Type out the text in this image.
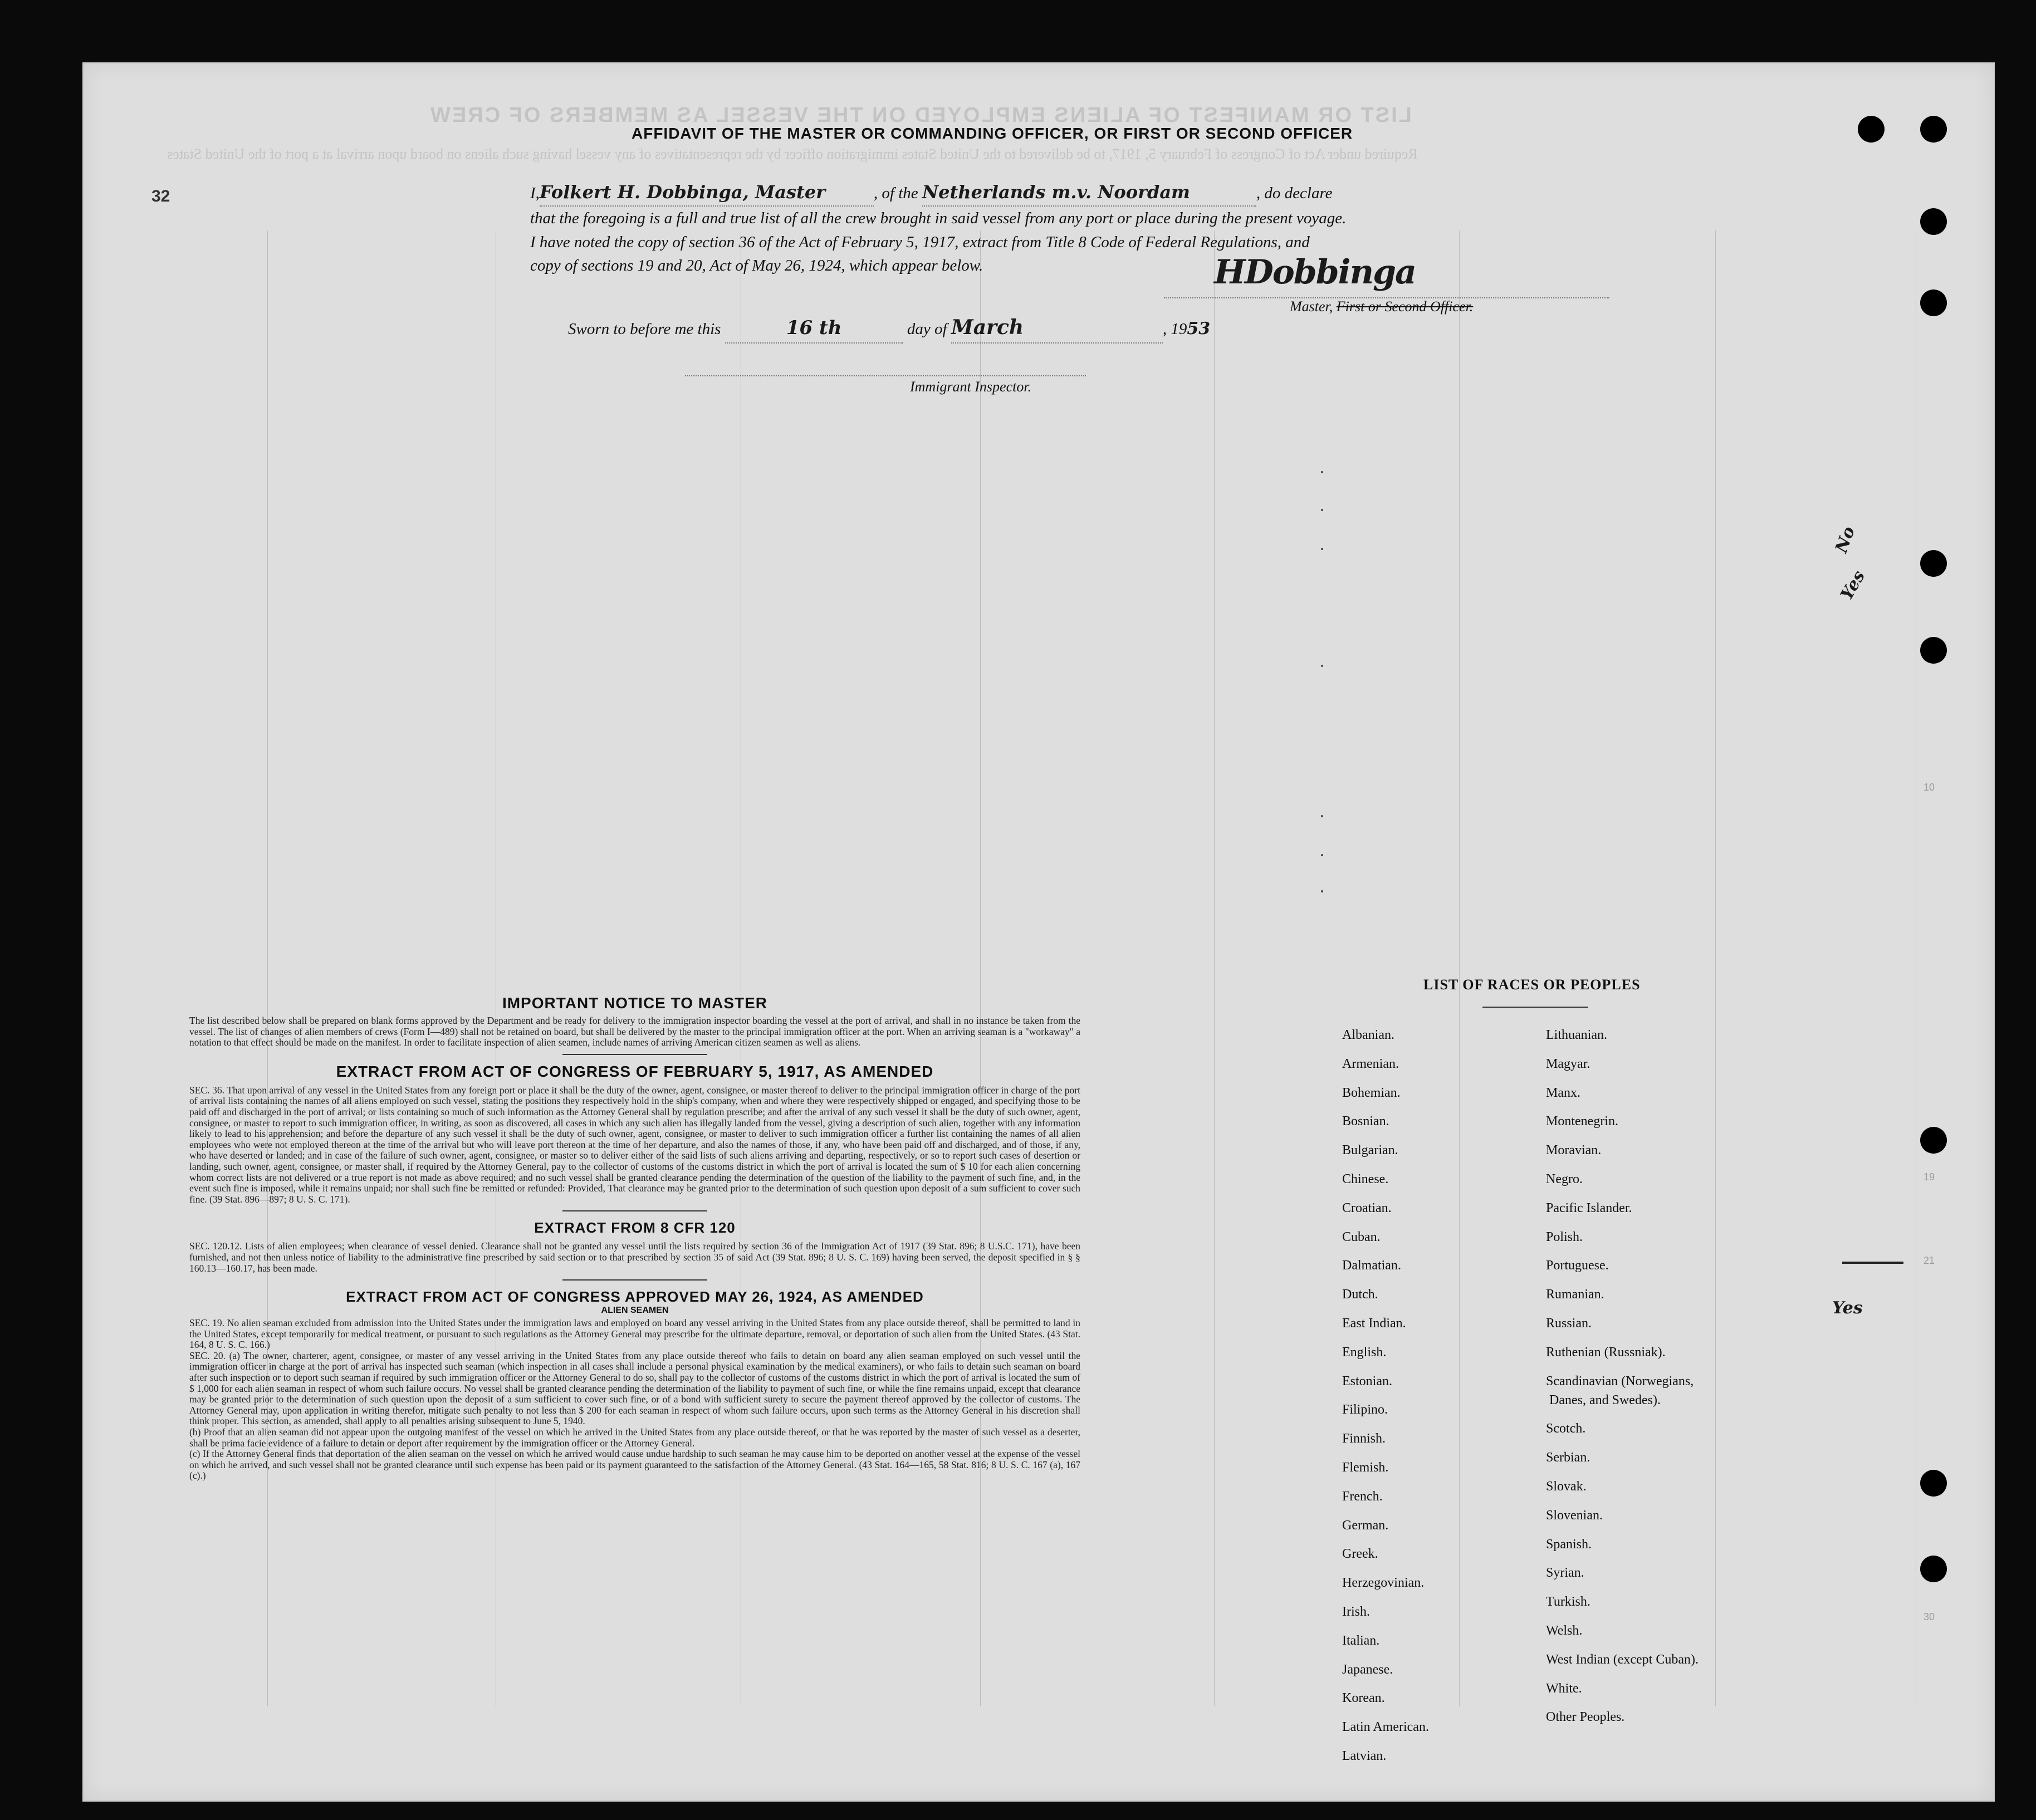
LIST OR MANIFEST OF ALIENS EMPLOYED ON THE VESSEL AS MEMBERS OF CREW
Required under Act of Congress of February 5, 1917, to be delivered to the United States immigration officer by the representatives of any vessel having such aliens on board upon arrival at a port of the United States
32
10
19
21
30
No
Yes
Yes
AFFIDAVIT OF THE MASTER OR COMMANDING OFFICER, OR FIRST OR SECOND OFFICER
I,Folkert H. Dobbinga, Master	, of the Netherlands m.v. Noordam	, do declare
that the foregoing is a full and true list of all the crew brought in said vessel from any port or place during the present voyage.
I have noted the copy of section 36 of the Act of February 5, 1917, extract from Title 8 Code of Federal Regulations, and
copy of sections 19 and 20, Act of May 26, 1924, which appear below.	HDobbinga
Master, First or Second Officer.
Sworn to before me this	16 th	day of March	, 1953
Immigrant Inspector.
IMPORTANT NOTICE TO MASTER
The list described below shall be prepared on blank forms approved by the Department and be ready for delivery to the immigration inspector boarding the vessel at the port of arrival, and shall in no instance be taken from the vessel. The list of changes of alien members of crews (Form I—489) shall not be retained on board, but shall be delivered by the master to the principal immigration officer at the port. When an arriving seaman is a "workaway" a notation to that effect should be made on the manifest. In order to facilitate inspection of alien seamen, include names of arriving American citizen seamen as well as aliens.
EXTRACT FROM ACT OF CONGRESS OF FEBRUARY 5, 1917, AS AMENDED
SEC. 36. That upon arrival of any vessel in the United States from any foreign port or place it shall be the duty of the owner, agent, consignee, or master thereof to deliver to the principal immigration officer in charge of the port of arrival lists containing the names of all aliens employed on such vessel, stating the positions they respectively hold in the ship's company, when and where they were respectively shipped or engaged, and specifying those to be paid off and discharged in the port of arrival; or lists containing so much of such information as the Attorney General shall by regulation prescribe; and after the arrival of any such vessel it shall be the duty of such owner, agent, consignee, or master to report to such immigration officer, in writing, as soon as discovered, all cases in which any such alien has illegally landed from the vessel, giving a description of such alien, together with any information likely to lead to his apprehension; and before the departure of any such vessel it shall be the duty of such owner, agent, consignee, or master to deliver to such immigration officer a further list containing the names of all alien employees who were not employed thereon at the time of the arrival but who will leave port thereon at the time of her departure, and also the names of those, if any, who have been paid off and discharged, and of those, if any, who have deserted or landed; and in case of the failure of such owner, agent, consignee, or master so to deliver either of the said lists of such aliens arriving and departing, respectively, or so to report such cases of desertion or landing, such owner, agent, consignee, or master shall, if required by the Attorney General, pay to the collector of customs of the customs district in which the port of arrival is located the sum of $ 10 for each alien concerning whom correct lists are not delivered or a true report is not made as above required; and no such vessel shall be granted clearance pending the determination of the question of the liability to the payment of such fine, and, in the event such fine is imposed, while it remains unpaid; nor shall such fine be remitted or refunded: Provided, That clearance may be granted prior to the determination of such question upon deposit of a sum sufficient to cover such fine. (39 Stat. 896—897; 8 U. S. C. 171).
EXTRACT FROM 8 CFR 120
SEC. 120.12. Lists of alien employees; when clearance of vessel denied. Clearance shall not be granted any vessel until the lists required by section 36 of the Immigration Act of 1917 (39 Stat. 896; 8 U.S.C. 171), have been furnished, and not then unless notice of liability to the administrative fine prescribed by said section or to that prescribed by section 35 of said Act (39 Stat. 896; 8 U. S. C. 169) having been served, the deposit specified in § § 160.13—160.17, has been made.
EXTRACT FROM ACT OF CONGRESS APPROVED MAY 26, 1924, AS AMENDED
ALIEN SEAMEN
SEC. 19. No alien seaman excluded from admission into the United States under the immigration laws and employed on board any vessel arriving in the United States from any place outside thereof, shall be permitted to land in the United States, except temporarily for medical treatment, or pursuant to such regulations as the Attorney General may prescribe for the ultimate departure, removal, or deportation of such alien from the United States. (43 Stat. 164, 8 U. S. C. 166.)
SEC. 20. (a) The owner, charterer, agent, consignee, or master of any vessel arriving in the United States from any place outside thereof who fails to detain on board any alien seaman employed on such vessel until the immigration officer in charge at the port of arrival has inspected such seaman (which inspection in all cases shall include a personal physical examination by the medical examiners), or who fails to detain such seaman on board after such inspection or to deport such seaman if required by such immigration officer or the Attorney General to do so, shall pay to the collector of customs of the customs district in which the port of arrival is located the sum of $ 1,000 for each alien seaman in respect of whom such failure occurs. No vessel shall be granted clearance pending the determination of the liability to payment of such fine, or while the fine remains unpaid, except that clearance may be granted prior to the determination of such question upon the deposit of a sum sufficient to cover such fine, or of a bond with sufficient surety to secure the payment thereof approved by the collector of customs. The Attorney General may, upon application in writing therefor, mitigate such penalty to not less than $ 200 for each seaman in respect of whom such failure occurs, upon such terms as the Attorney General in his discretion shall think proper. This section, as amended, shall apply to all penalties arising subsequent to June 5, 1940.
(b) Proof that an alien seaman did not appear upon the outgoing manifest of the vessel on which he arrived in the United States from any place outside thereof, or that he was reported by the master of such vessel as a deserter, shall be prima facie evidence of a failure to detain or deport after requirement by the immigration officer or the Attorney General.
(c) If the Attorney General finds that deportation of the alien seaman on the vessel on which he arrived would cause undue hardship to such seaman he may cause him to be deported on another vessel at the expense of the vessel on which he arrived, and such vessel shall not be granted clearance until such expense has been paid or its payment guaranteed to the satisfaction of the Attorney General. (43 Stat. 164—165, 58 Stat. 816; 8 U. S. C. 167 (a), 167 (c).)
LIST OF RACES OR PEOPLES
Albanian.
Armenian.
Bohemian.
Bosnian.
Bulgarian.
Chinese.
Croatian.
Cuban.
Dalmatian.
Dutch.
East Indian.
English.
Estonian.
Filipino.
Finnish.
Flemish.
French.
German.
Greek.
Herzegovinian.
Irish.
Italian.
Japanese.
Korean.
Latin American.
Latvian.
Lithuanian.
Magyar.
Manx.
Montenegrin.
Moravian.
Negro.
Pacific Islander.
Polish.
Portuguese.
Rumanian.
Russian.
Ruthenian (Russniak).
Scandinavian (Norwegians,
Danes, and Swedes).
Scotch.
Serbian.
Slovak.
Slovenian.
Spanish.
Syrian.
Turkish.
Welsh.
West Indian (except Cuban).
White.
Other Peoples.
